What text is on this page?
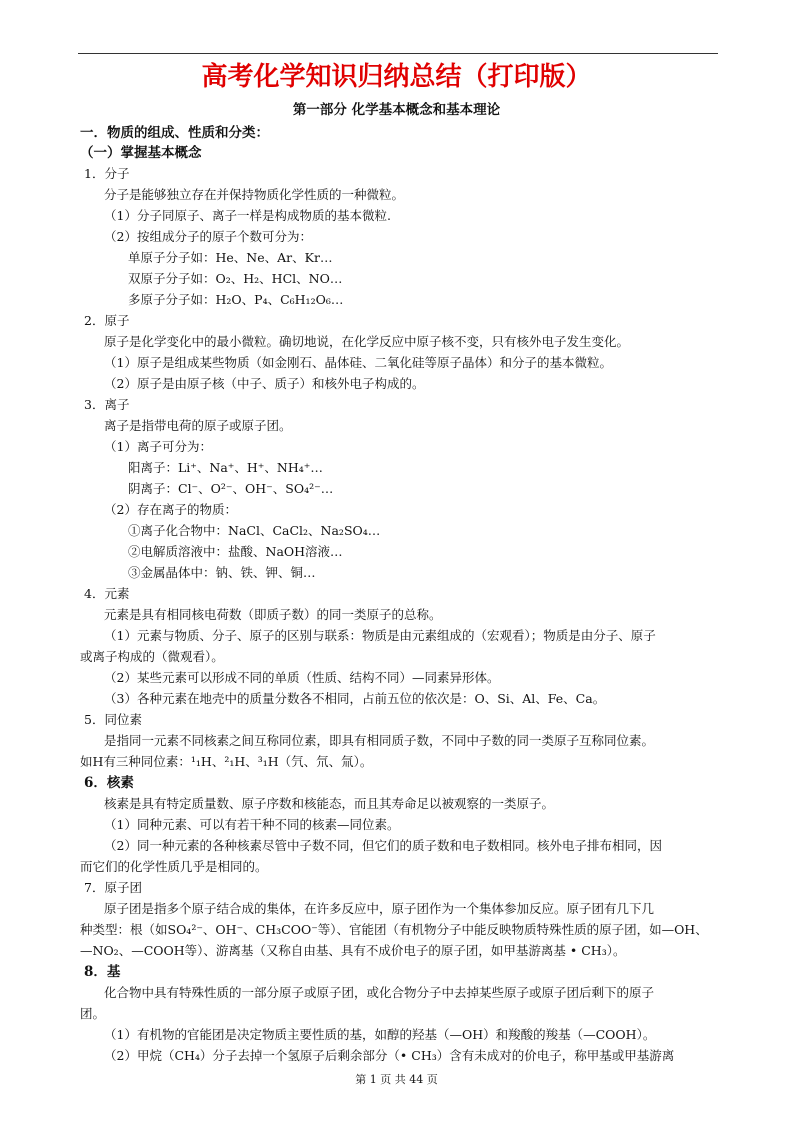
高考化学知识归纳总结（打印版）
第一部分 化学基本概念和基本理论
一．物质的组成、性质和分类：
（一）掌握基本概念
1．分子
分子是能够独立存在并保持物质化学性质的一种微粒。
（1）分子同原子、离子一样是构成物质的基本微粒.
（2）按组成分子的原子个数可分为：
单原子分子如：He、Ne、Ar、Kr…
双原子分子如：O₂、H₂、HCl、NO…
多原子分子如：H₂O、P₄、C₆H₁₂O₆…
2．原子
原子是化学变化中的最小微粒。确切地说，在化学反应中原子核不变，只有核外电子发生变化。
（1）原子是组成某些物质（如金刚石、晶体硅、二氧化硅等原子晶体）和分子的基本微粒。
（2）原子是由原子核（中子、质子）和核外电子构成的。
3．离子
离子是指带电荷的原子或原子团。
（1）离子可分为：
阳离子：Li⁺、Na⁺、H⁺、NH₄⁺…
阴离子：Cl⁻、O²⁻、OH⁻、SO₄²⁻…
（2）存在离子的物质：
①离子化合物中：NaCl、CaCl₂、Na₂SO₄…
②电解质溶液中：盐酸、NaOH溶液…
③金属晶体中：钠、铁、钾、铜…
4．元素
元素是具有相同核电荷数（即质子数）的同一类原子的总称。
（1）元素与物质、分子、原子的区别与联系：物质是由元素组成的（宏观看）；物质是由分子、原子
或离子构成的（微观看）。
（2）某些元素可以形成不同的单质（性质、结构不同）—同素异形体。
（3）各种元素在地壳中的质量分数各不相同，占前五位的依次是：O、Si、Al、Fe、Ca。
5．同位素
是指同一元素不同核素之间互称同位素，即具有相同质子数，不同中子数的同一类原子互称同位素。
如H有三种同位素：¹₁H、²₁H、³₁H（氕、氘、氚）。
6．核素
核素是具有特定质量数、原子序数和核能态，而且其寿命足以被观察的一类原子。
（1）同种元素、可以有若干种不同的核素—同位素。
（2）同一种元素的各种核素尽管中子数不同，但它们的质子数和电子数相同。核外电子排布相同，因
而它们的化学性质几乎是相同的。
7．原子团
原子团是指多个原子结合成的集体，在许多反应中，原子团作为一个集体参加反应。原子团有几下几
种类型：根（如SO₄²⁻、OH⁻、CH₃COO⁻等）、官能团（有机物分子中能反映物质特殊性质的原子团，如—OH、
—NO₂、—COOH等）、游离基（又称自由基、具有不成价电子的原子团，如甲基游离基 • CH₃）。
8．基
化合物中具有特殊性质的一部分原子或原子团，或化合物分子中去掉某些原子或原子团后剩下的原子
团。
（1）有机物的官能团是决定物质主要性质的基，如醇的羟基（—OH）和羧酸的羧基（—COOH）。
（2）甲烷（CH₄）分子去掉一个氢原子后剩余部分（• CH₃）含有未成对的价电子，称甲基或甲基游离
第 1 页 共 44 页
